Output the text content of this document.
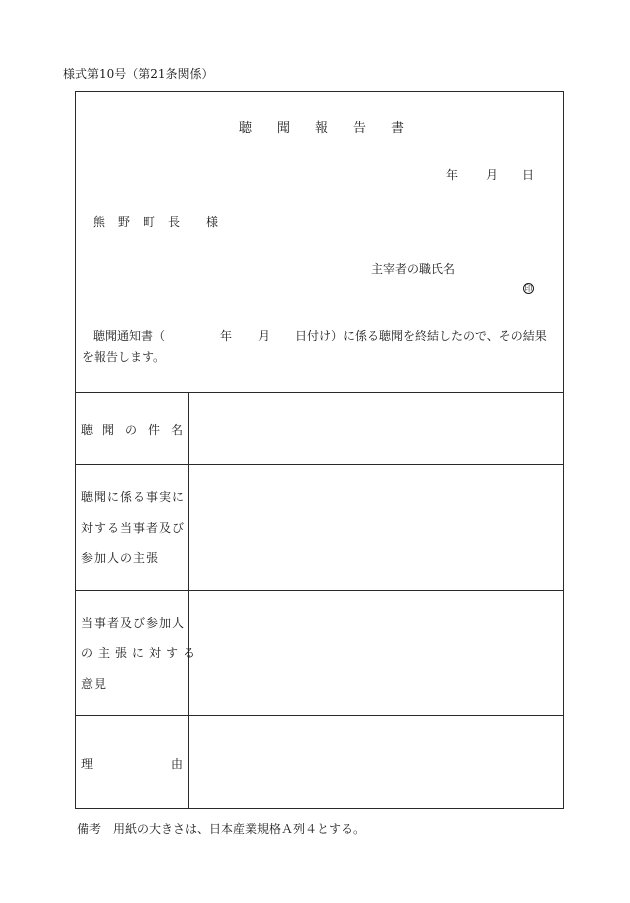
様式第10号（第21条関係）
聴 聞 報 告 書
年 月 日
熊 野 町 長 様
主宰者の職氏名
印
聴聞通知書（	年 月 日付け）に係る聴聞を終結したので、その結果
を報告します。
聴 聞 の 件 名
聴聞に係る事実に
対する当事者及び
参加人の主張
当事者及び参加人
の主張に対する
意見
理	由
備考　用紙の大きさは、日本産業規格Ａ列４とする。
